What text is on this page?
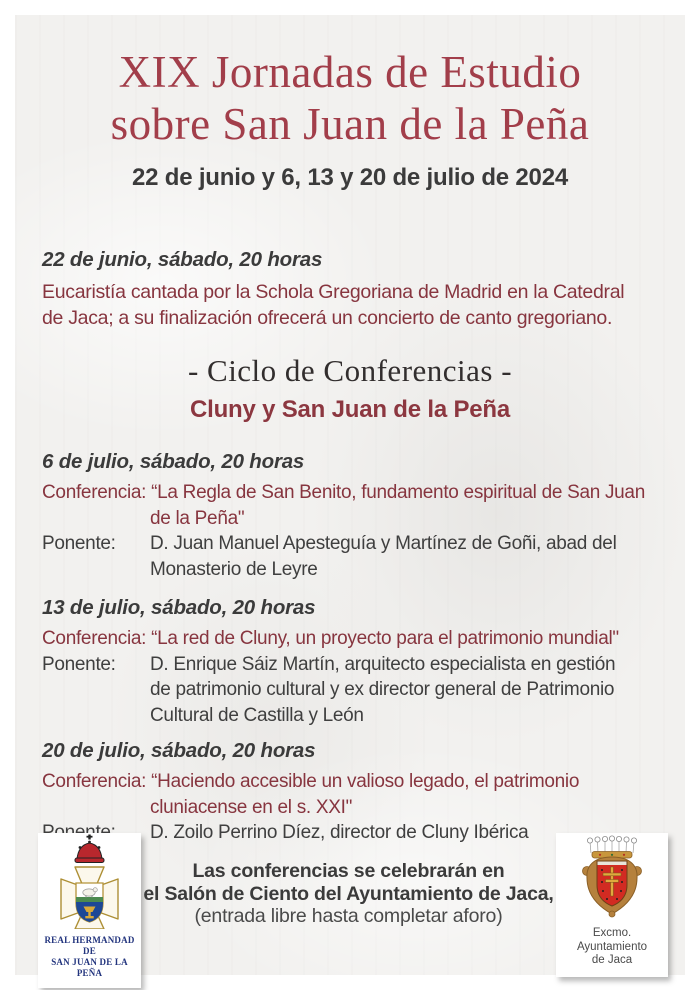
XIX Jornadas de Estudio
sobre San Juan de la Peña
22 de junio y 6, 13 y 20 de julio de 2024
22 de junio, sábado, 20 horas
Eucaristía cantada por la Schola Gregoriana de Madrid en la Catedral
de Jaca; a su finalización ofrecerá un concierto de canto gregoriano.
- Ciclo de Conferencias -
Cluny y San Juan de la Peña
6 de julio, sábado, 20 horas
Conferencia: “La Regla de San Benito, fundamento espiritual de San Juan
de la Peña"
Ponente:	D. Juan Manuel Apesteguía y Martínez de Goñi, abad del
Monasterio de Leyre
13 de julio, sábado, 20 horas
Conferencia: “La red de Cluny, un proyecto para el patrimonio mundial"
Ponente:	D. Enrique Sáiz Martín, arquitecto especialista en gestión
de patrimonio cultural y ex director general de Patrimonio
Cultural de Castilla y León
20 de julio, sábado, 20 horas
Conferencia: “Haciendo accesible un valioso legado, el patrimonio
cluniacense en el s. XXI"
D. Zoilo Perrino Díez, director de Cluny Ibérica
REAL HERMANDAD DE
SAN JUAN DE LA PEÑA
Las conferencias se celebrarán en
el Salón de Ciento del Ayuntamiento de Jaca,
(entrada libre hasta completar aforo)
Excmo. Ayuntamiento
de Jaca
